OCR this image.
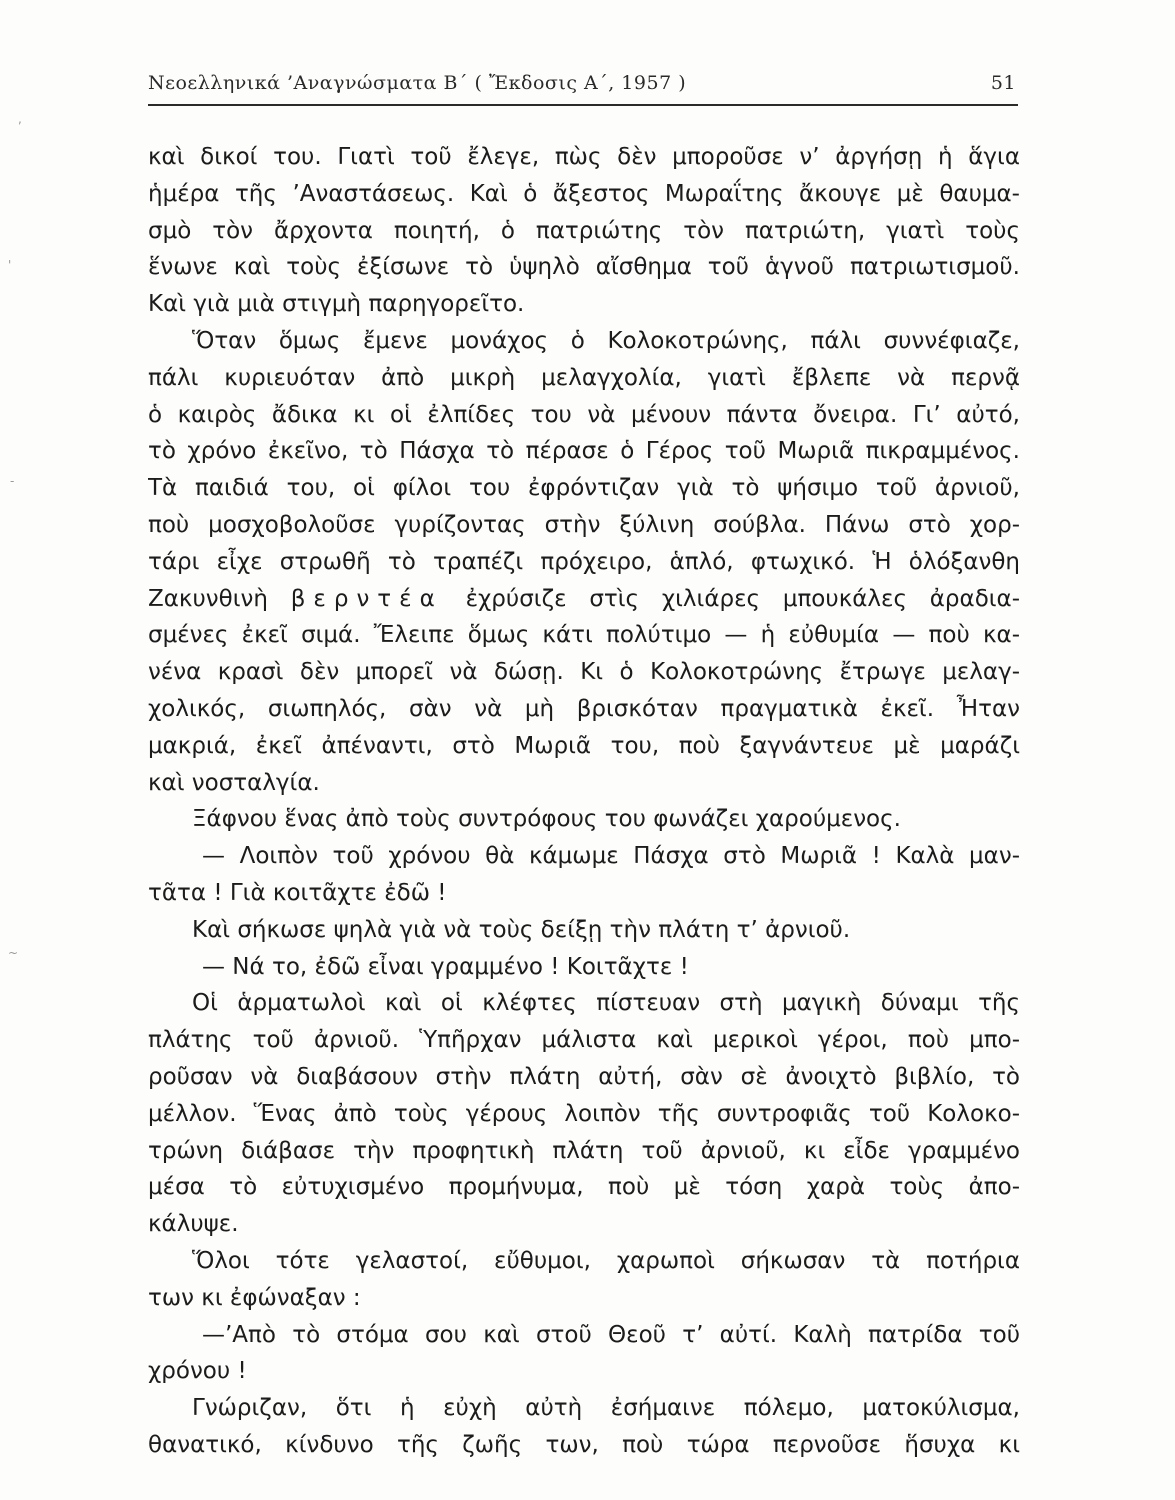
Νεοελληνικά ’Αναγνώσματα Β΄ ( Ἔκδοσις Α΄, 1957 )	51
καὶ δικοί του. Γιατὶ τοῦ ἔλεγε, πὼς δὲν μποροῦσε ν’ ἀργήσῃ ἡ ἅγια
ἡμέρα τῆς ’Αναστάσεως. Καὶ ὁ ἄξεστος Μωραΐτης ἄκουγε μὲ θαυμα-
σμὸ τὸν ἄρχοντα ποιητή, ὁ πατριώτης τὸν πατριώτη, γιατὶ τοὺς
ἕνωνε καὶ τοὺς ἐξίσωνε τὸ ὑψηλὸ αἴσθημα τοῦ ἁγνοῦ πατριωτισμοῦ.
Καὶ γιὰ μιὰ στιγμὴ παρηγορεῖτο.
Ὅταν ὅμως ἔμενε μονάχος ὁ Κολοκοτρώνης, πάλι συννέφιαζε,
πάλι κυριευόταν ἀπὸ μικρὴ μελαγχολία, γιατὶ ἔβλεπε νὰ περνᾷ
ὁ καιρὸς ἄδικα κι οἱ ἐλπίδες του νὰ μένουν πάντα ὄνειρα. Γι’ αὐτό,
τὸ χρόνο ἐκεῖνο, τὸ Πάσχα τὸ πέρασε ὁ Γέρος τοῦ Μωριᾶ πικραμμένος.
Τὰ παιδιά του, οἱ φίλοι του ἐφρόντιζαν γιὰ τὸ ψήσιμο τοῦ ἀρνιοῦ,
ποὺ μοσχοβολοῦσε γυρίζοντας στὴν ξύλινη σούβλα. Πάνω στὸ χορ-
τάρι εἶχε στρωθῆ τὸ τραπέζι πρόχειρο, ἁπλό, φτωχικό. Ἡ ὁλόξανθη
Ζακυνθινὴ βερντέα ἐχρύσιζε στὶς χιλιάρες μπουκάλες ἀραδια-
σμένες ἐκεῖ σιμά. Ἔλειπε ὅμως κάτι πολύτιμο — ἡ εὐθυμία — ποὺ κα-
νένα κρασὶ δὲν μπορεῖ νὰ δώσῃ. Κι ὁ Κολοκοτρώνης ἔτρωγε μελαγ-
χολικός, σιωπηλός, σὰν νὰ μὴ βρισκόταν πραγματικὰ ἐκεῖ. Ἦταν
μακριά, ἐκεῖ ἀπέναντι, στὸ Μωριᾶ του, ποὺ ξαγνάντευε μὲ μαράζι
καὶ νοσταλγία.
Ξάφνου ἕνας ἀπὸ τοὺς συντρόφους του φωνάζει χαρούμενος.
— Λοιπὸν τοῦ χρόνου θὰ κάμωμε Πάσχα στὸ Μωριᾶ ! Καλὰ μαν-
τᾶτα ! Γιὰ κοιτᾶχτε ἐδῶ !
Καὶ σήκωσε ψηλὰ γιὰ νὰ τοὺς δείξῃ τὴν πλάτη τ’ ἀρνιοῦ.
— Νά το, ἐδῶ εἶναι γραμμένο ! Κοιτᾶχτε !
Οἱ ἁρματωλοὶ καὶ οἱ κλέφτες πίστευαν στὴ μαγικὴ δύναμι τῆς
πλάτης τοῦ ἀρνιοῦ. Ὑπῆρχαν μάλιστα καὶ μερικοὶ γέροι, ποὺ μπο-
ροῦσαν νὰ διαβάσουν στὴν πλάτη αὐτή, σὰν σὲ ἀνοιχτὸ βιβλίο, τὸ
μέλλον. Ἕνας ἀπὸ τοὺς γέρους λοιπὸν τῆς συντροφιᾶς τοῦ Κολοκο-
τρώνη διάβασε τὴν προφητικὴ πλάτη τοῦ ἀρνιοῦ, κι εἶδε γραμμένο
μέσα τὸ εὐτυχισμένο προμήνυμα, ποὺ μὲ τόση χαρὰ τοὺς ἀπο-
κάλυψε.
Ὅλοι τότε γελαστοί, εὔθυμοι, χαρωποὶ σήκωσαν τὰ ποτήρια
των κι ἐφώναξαν :
—’Απὸ τὸ στόμα σου καὶ στοῦ Θεοῦ τ’ αὐτί. Καλὴ πατρίδα τοῦ
χρόνου !
Γνώριζαν, ὅτι ἡ εὐχὴ αὐτὴ ἐσήμαινε πόλεμο, ματοκύλισμα,
θανατικό, κίνδυνο τῆς ζωῆς των, ποὺ τώρα περνοῦσε ἥσυχα κι
,
'
-
~
